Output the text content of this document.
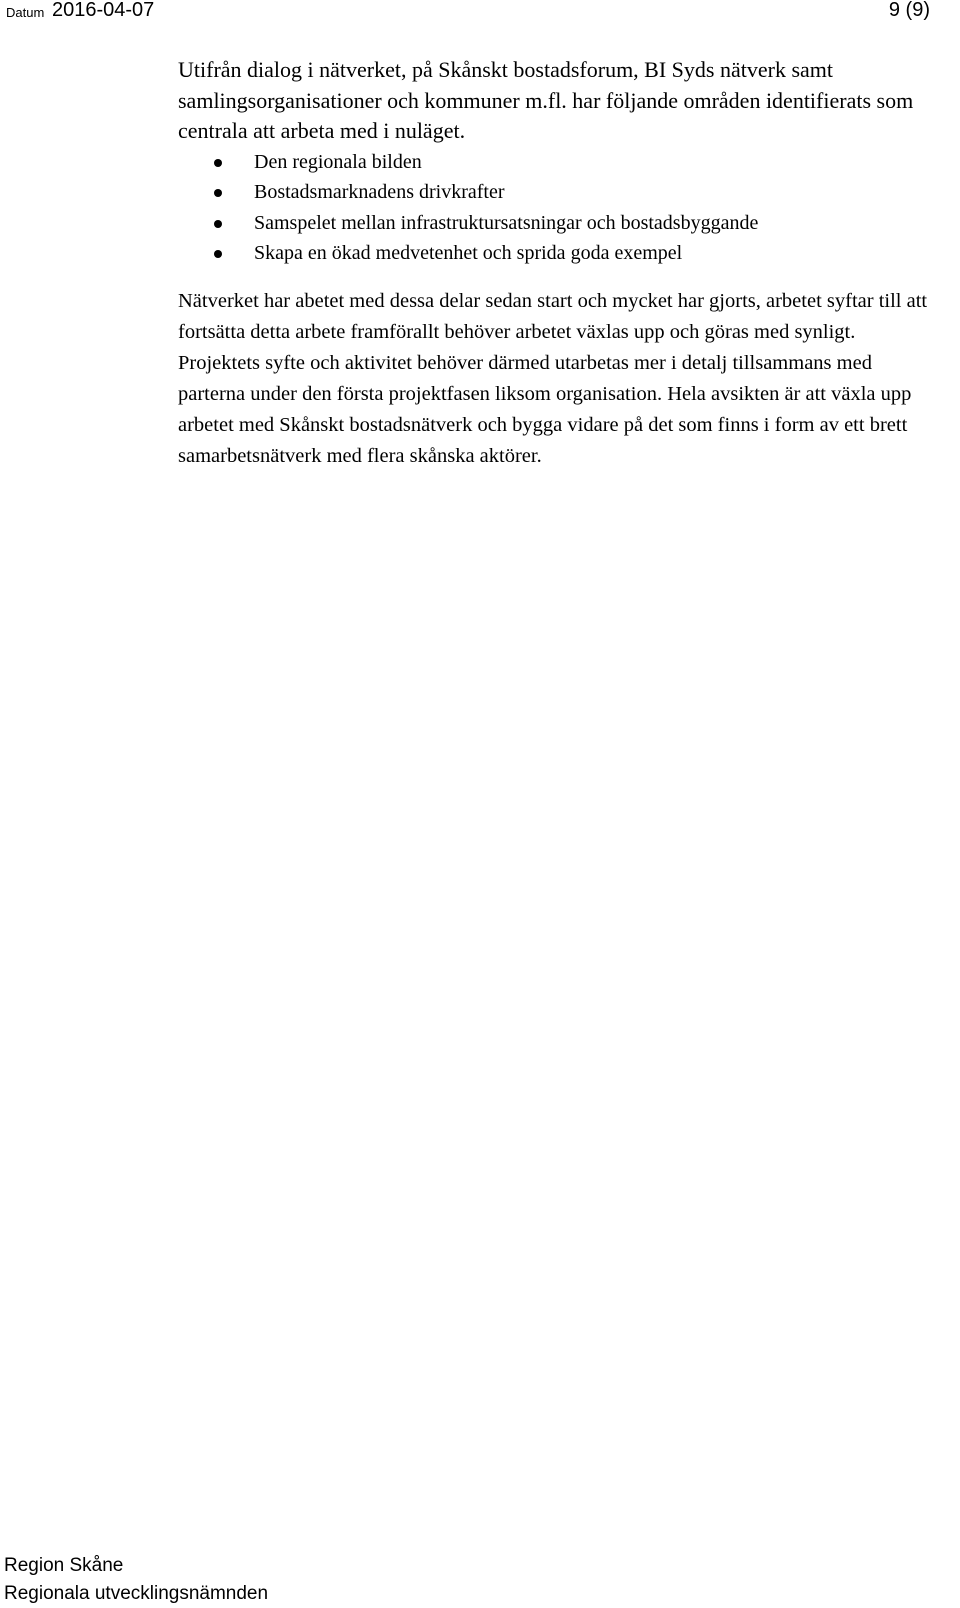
Datum 2016-04-07	9 (9)

Utifrån dialog i nätverket, på Skånskt bostadsforum, BI Syds nätverk samt samlingsorganisationer och kommuner m.fl. har följande områden identifierats som centrala att arbeta med i nuläget.

Den regionala bilden
Bostadsmarknadens drivkrafter
Samspelet mellan infrastruktursatsningar och bostadsbyggande
Skapa en ökad medvetenhet och sprida goda exempel

Nätverket har abetet med dessa delar sedan start och mycket har gjorts, arbetet syftar till att fortsätta detta arbete framförallt behöver arbetet växlas upp och göras med synligt. Projektets syfte och aktivitet behöver därmed utarbetas mer i detalj tillsammans med parterna under den första projektfasen liksom organisation. Hela avsikten är att växla upp arbetet med Skånskt bostadsnätverk och bygga vidare på det som finns i form av ett brett samarbetsnätverk med flera skånska aktörer.

Region Skåne
Regionala utvecklingsnämnden
